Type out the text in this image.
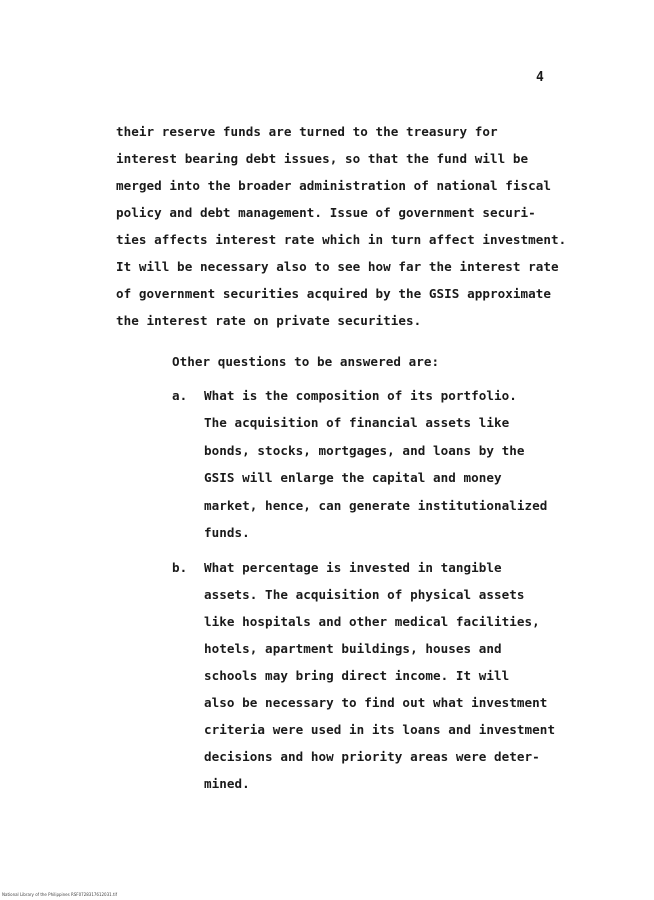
4
their reserve funds are turned to the treasury for
interest bearing debt issues, so that the fund will be
merged into the broader administration of national fiscal
policy and debt management. Issue of government securi-
ties affects interest rate which in turn affect investment.
It will be necessary also to see how far the interest rate
of government securities acquired by the GSIS approximate
the interest rate on private securities.
Other questions to be answered are:
a. What is the composition of its portfolio.
The acquisition of financial assets like
bonds, stocks, mortgages, and loans by the
GSIS will enlarge the capital and money
market, hence, can generate institutionalized
funds.
b. What percentage is invested in tangible
assets. The acquisition of physical assets
like hospitals and other medical facilities,
hotels, apartment buildings, houses and
schools may bring direct income. It will
also be necessary to find out what investment
criteria were used in its loans and investment
decisions and how priority areas were deter-
mined.
National Library of the Philippines RSF0728317612031.tif
